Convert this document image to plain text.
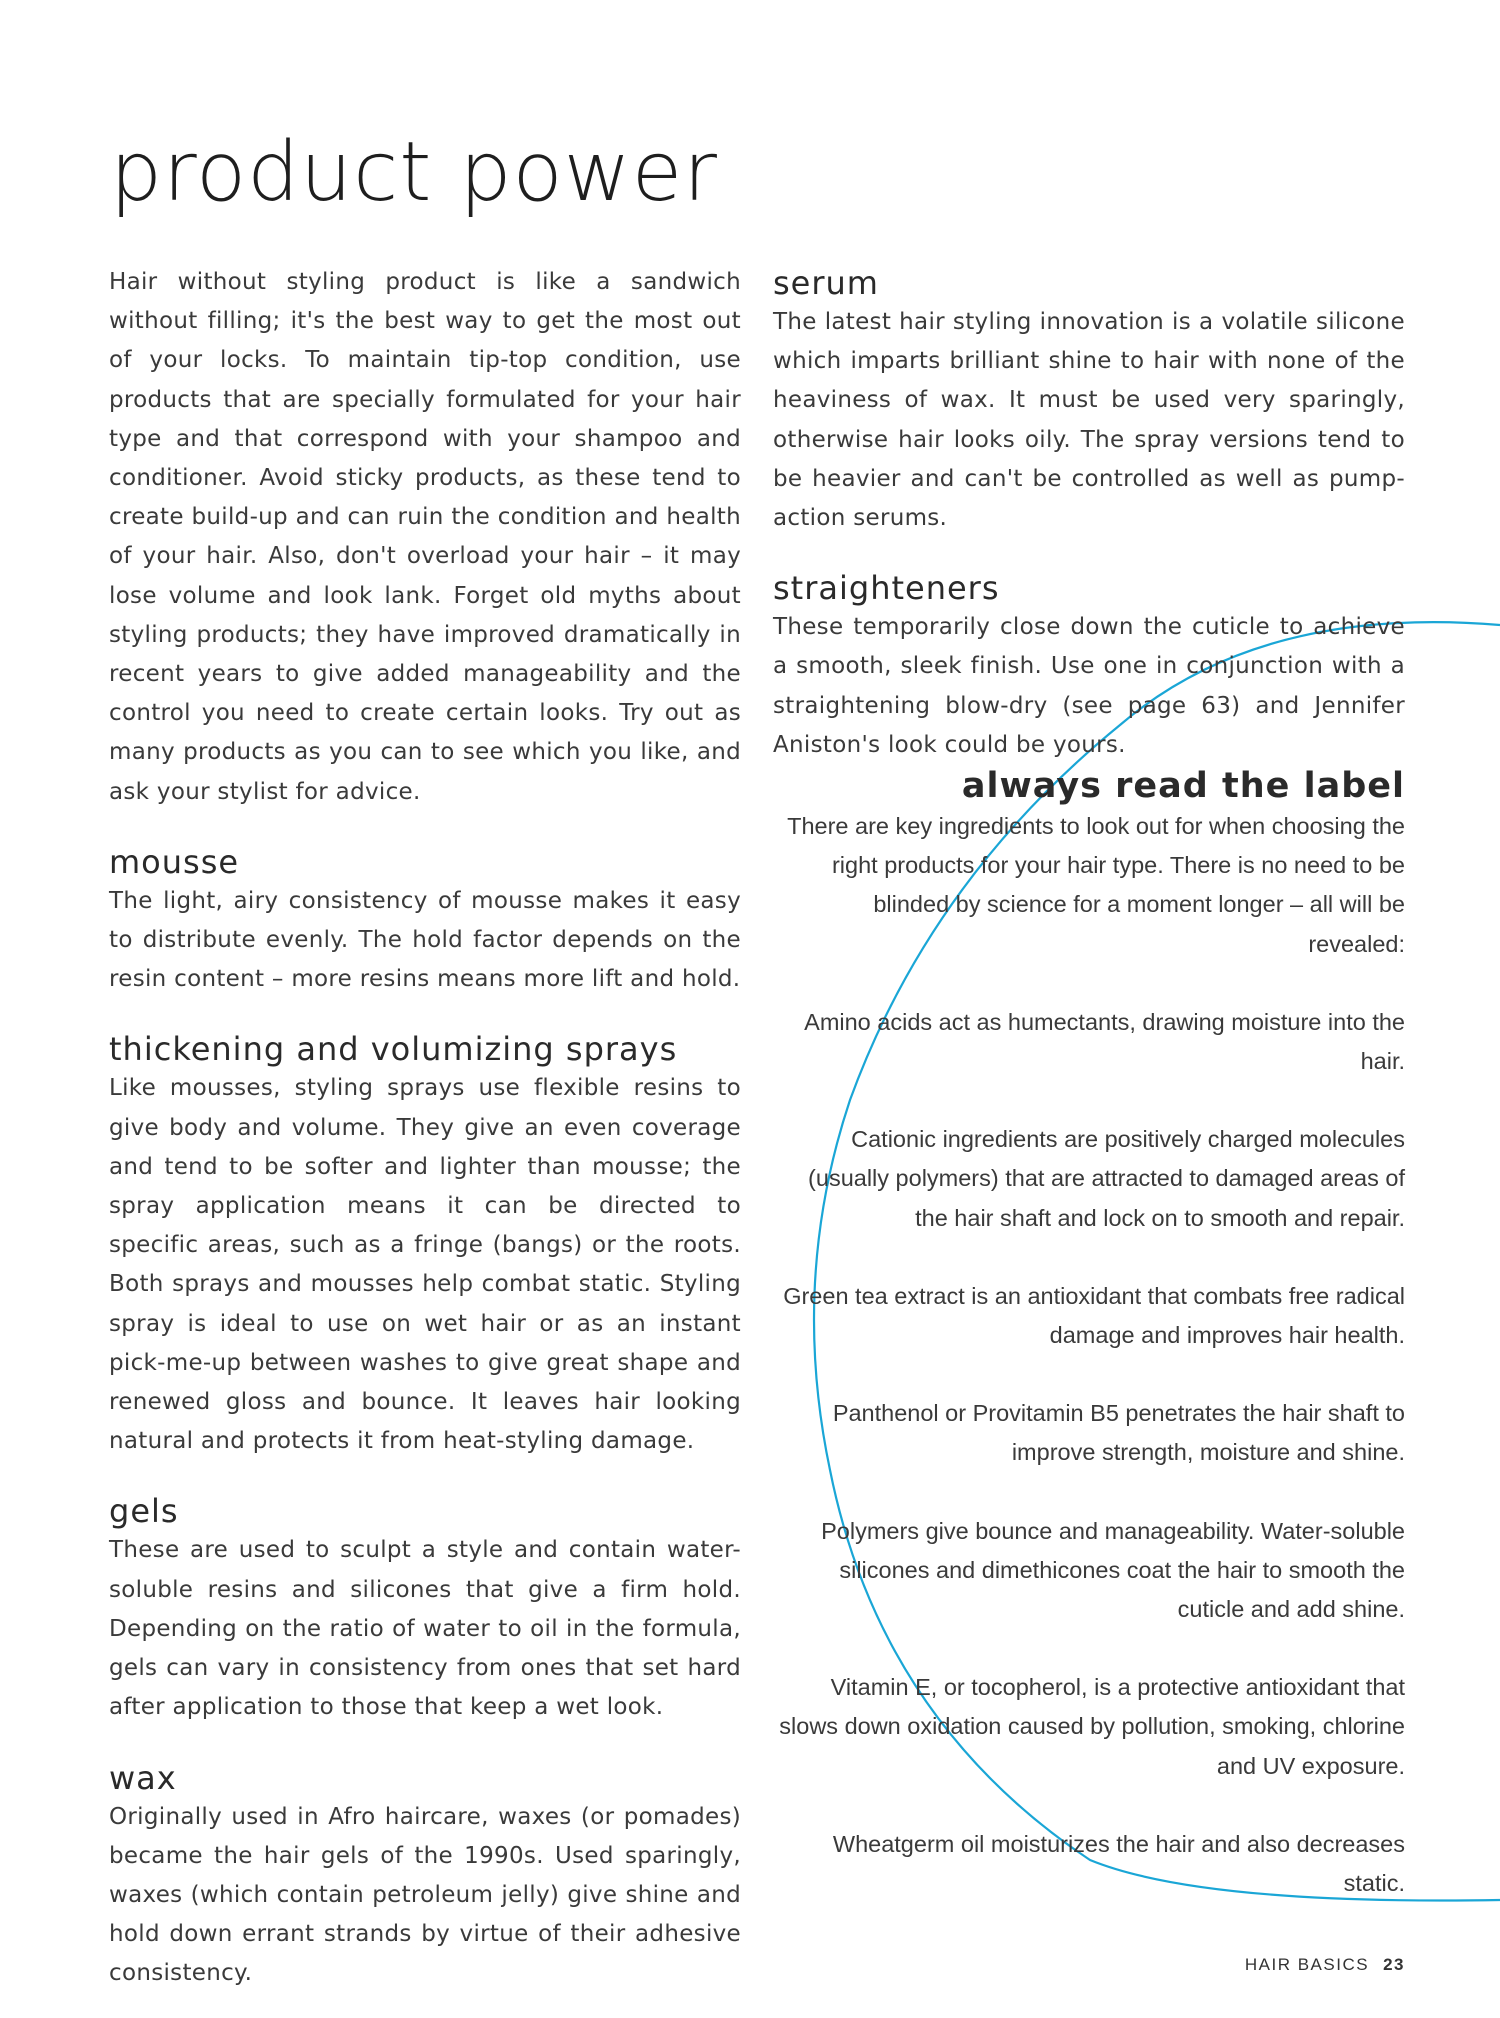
product power

Hair without styling product is like a sandwich without filling; it's the best way to get the most out of your locks. To maintain tip-top condition, use products that are specially formulated for your hair type and that correspond with your shampoo and conditioner. Avoid sticky products, as these tend to create build-up and can ruin the condition and health of your hair. Also, don't overload your hair – it may lose volume and look lank. Forget old myths about styling products; they have improved dramatically in recent years to give added manageability and the control you need to create certain looks. Try out as many products as you can to see which you like, and ask your stylist for advice.

mousse

The light, airy consistency of mousse makes it easy to distribute evenly. The hold factor depends on the resin content – more resins means more lift and hold.

thickening and volumizing sprays

Like mousses, styling sprays use flexible resins to give body and volume. They give an even coverage and tend to be softer and lighter than mousse; the spray application means it can be directed to specific areas, such as a fringe (bangs) or the roots. Both sprays and mousses help combat static. Styling spray is ideal to use on wet hair or as an instant pick-me-up between washes to give great shape and renewed gloss and bounce. It leaves hair looking natural and protects it from heat-styling damage.

gels

These are used to sculpt a style and contain water-soluble resins and silicones that give a firm hold. Depending on the ratio of water to oil in the formula, gels can vary in consistency from ones that set hard after application to those that keep a wet look.

wax

Originally used in Afro haircare, waxes (or pomades) became the hair gels of the 1990s. Used sparingly, waxes (which contain petroleum jelly) give shine and hold down errant strands by virtue of their adhesive consistency.

serum

The latest hair styling innovation is a volatile silicone which imparts brilliant shine to hair with none of the heaviness of wax. It must be used very sparingly, otherwise hair looks oily. The spray versions tend to be heavier and can't be controlled as well as pump-action serums.

straighteners

These temporarily close down the cuticle to achieve a smooth, sleek finish. Use one in conjunction with a straightening blow-dry (see page 63) and Jennifer Aniston's look could be yours.

always read the label

There are key ingredients to look out for when choosing the right products for your hair type. There is no need to be blinded by science for a moment longer – all will be revealed:

Amino acids act as humectants, drawing moisture into the hair.

Cationic ingredients are positively charged molecules (usually polymers) that are attracted to damaged areas of the hair shaft and lock on to smooth and repair.

Green tea extract is an antioxidant that combats free radical damage and improves hair health.

Panthenol or Provitamin B5 penetrates the hair shaft to improve strength, moisture and shine.

Polymers give bounce and manageability. Water-soluble silicones and dimethicones coat the hair to smooth the cuticle and add shine.

Vitamin E, or tocopherol, is a protective antioxidant that slows down oxidation caused by pollution, smoking, chlorine and UV exposure.

Wheatgerm oil moisturizes the hair and also decreases static.

HAIR BASICS 23
